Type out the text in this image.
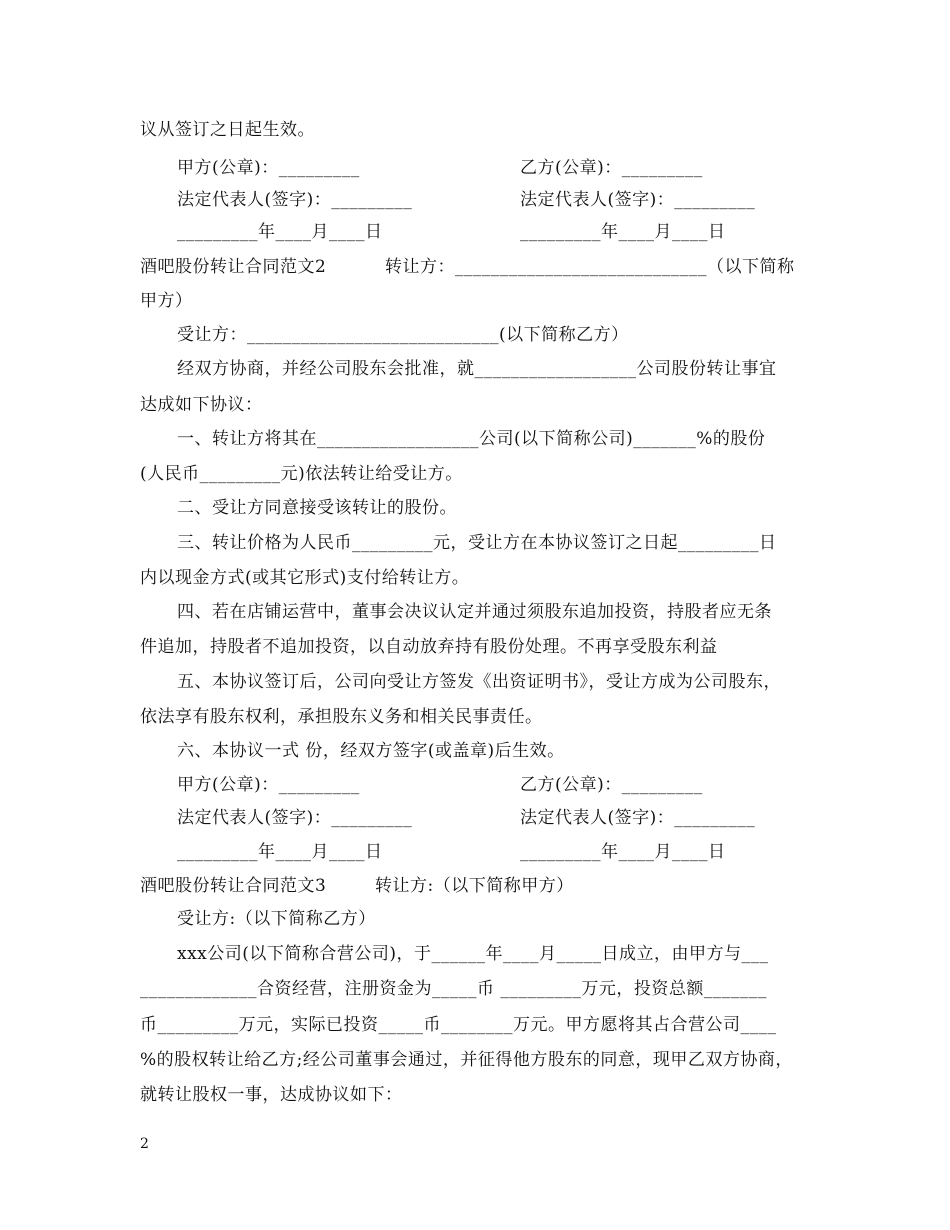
议从签订之日起生效。
甲方(公章)：_________	乙方(公章)：_________
法定代表人(签字)：_________	法定代表人(签字)：_________
_________年____月____日	_________年____月____日
酒吧股份转让合同范文2	转让方：____________________________（以下简称
甲方）
受让方：____________________________(以下简称乙方）
经双方协商，并经公司股东会批准，就__________________公司股份转让事宜
达成如下协议：
一、转让方将其在__________________公司(以下简称公司)_______%的股份
(人民币_________元)依法转让给受让方。
二、受让方同意接受该转让的股份。
三、转让价格为人民币_________元，受让方在本协议签订之日起_________日
内以现金方式(或其它形式)支付给转让方。
四、若在店铺运营中，董事会决议认定并通过须股东追加投资，持股者应无条
件追加，持股者不追加投资，以自动放弃持有股份处理。不再享受股东利益
五、本协议签订后，公司向受让方签发《出资证明书》，受让方成为公司股东，
依法享有股东权利，承担股东义务和相关民事责任。
六、本协议一式 份，经双方签字(或盖章)后生效。
甲方(公章)：_________	乙方(公章)：_________
法定代表人(签字)：_________	法定代表人(签字)：_________
_________年____月____日	_________年____月____日
酒吧股份转让合同范文3	转让方:（以下简称甲方）
受让方:（以下简称乙方）
xxx公司(以下简称合营公司)，于______年____月_____日成立，由甲方与___
_____________合资经营，注册资金为_____币 _________万元，投资总额_______
币_________万元，实际已投资_____币________万元。甲方愿将其占合营公司____
%的股权转让给乙方;经公司董事会通过，并征得他方股东的同意，现甲乙双方协商，
就转让股权一事，达成协议如下：
2
